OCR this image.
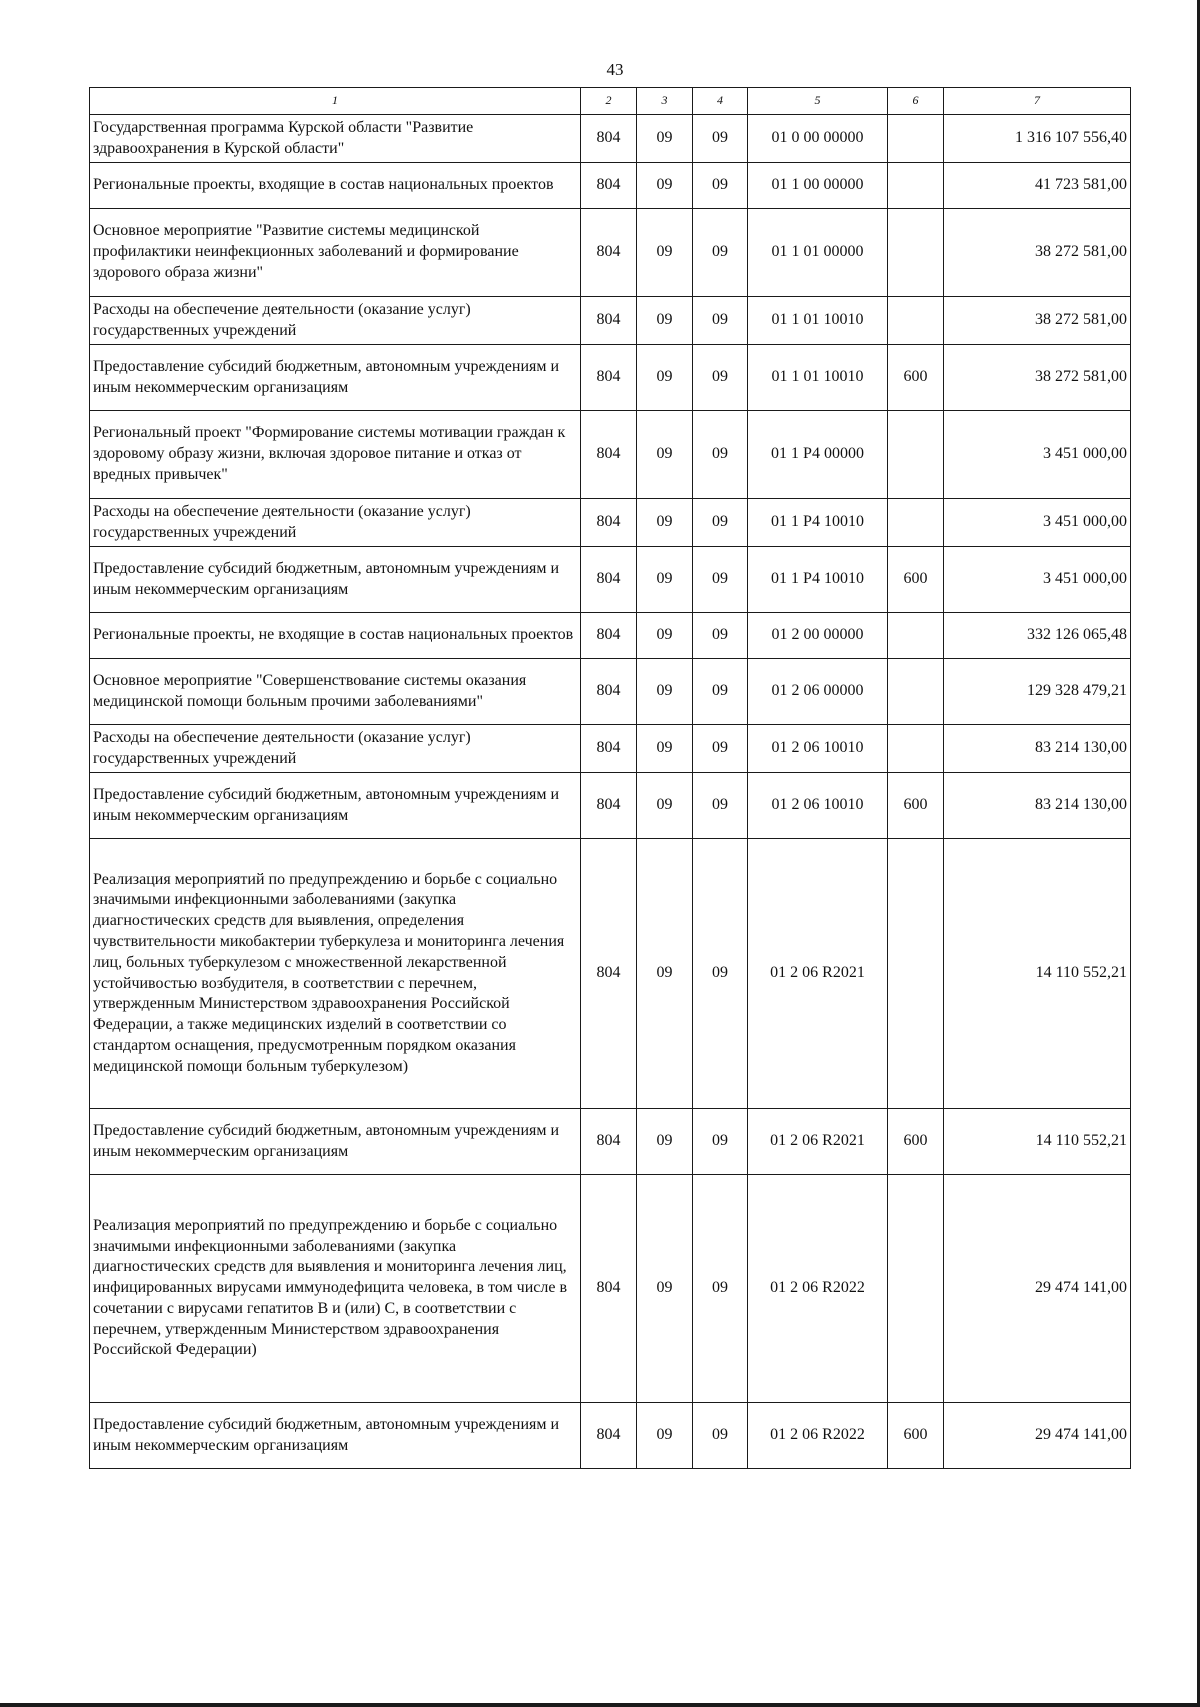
43
1	2	3	4	5	6	7
Государственная программа Курской области "Развитие здравоохранения в Курской области"	804	09	09	01 0 00 00000		1 316 107 556,40
Региональные проекты, входящие в состав национальных проектов	804	09	09	01 1 00 00000		41 723 581,00
Основное мероприятие "Развитие системы медицинской профилактики неинфекционных заболеваний и формирование здорового образа жизни"	804	09	09	01 1 01 00000		38 272 581,00
Расходы на обеспечение деятельности (оказание услуг) государственных учреждений	804	09	09	01 1 01 10010		38 272 581,00
Предоставление субсидий бюджетным, автономным учреждениям и иным некоммерческим организациям	804	09	09	01 1 01 10010	600	38 272 581,00
Региональный проект "Формирование системы мотивации граждан к здоровому образу жизни, включая здоровое питание и отказ от вредных привычек"	804	09	09	01 1 P4 00000		3 451 000,00
Расходы на обеспечение деятельности (оказание услуг) государственных учреждений	804	09	09	01 1 P4 10010		3 451 000,00
Предоставление субсидий бюджетным, автономным учреждениям и иным некоммерческим организациям	804	09	09	01 1 P4 10010	600	3 451 000,00
Региональные проекты, не входящие в состав национальных проектов	804	09	09	01 2 00 00000		332 126 065,48
Основное мероприятие "Совершенствование системы оказания медицинской помощи больным прочими заболеваниями"	804	09	09	01 2 06 00000		129 328 479,21
Расходы на обеспечение деятельности (оказание услуг) государственных учреждений	804	09	09	01 2 06 10010		83 214 130,00
Предоставление субсидий бюджетным, автономным учреждениям и иным некоммерческим организациям	804	09	09	01 2 06 10010	600	83 214 130,00
Реализация мероприятий по предупреждению и борьбе с социально значимыми инфекционными заболеваниями (закупка диагностических средств для выявления, определения чувствительности микобактерии туберкулеза и мониторинга лечения лиц, больных туберкулезом с множественной лекарственной устойчивостью возбудителя, в соответствии с перечнем, утвержденным Министерством здравоохранения Российской Федерации, а также медицинских изделий в соответствии со стандартом оснащения, предусмотренным порядком оказания медицинской помощи больным туберкулезом)	804	09	09	01 2 06 R2021		14 110 552,21
Предоставление субсидий бюджетным, автономным учреждениям и иным некоммерческим организациям	804	09	09	01 2 06 R2021	600	14 110 552,21
Реализация мероприятий по предупреждению и борьбе с социально значимыми инфекционными заболеваниями (закупка диагностических средств для выявления и мониторинга лечения лиц, инфицированных вирусами иммунодефицита человека, в том числе в сочетании с вирусами гепатитов B и (или) C, в соответствии с перечнем, утвержденным Министерством здравоохранения Российской Федерации)	804	09	09	01 2 06 R2022		29 474 141,00
Предоставление субсидий бюджетным, автономным учреждениям и иным некоммерческим организациям	804	09	09	01 2 06 R2022	600	29 474 141,00
